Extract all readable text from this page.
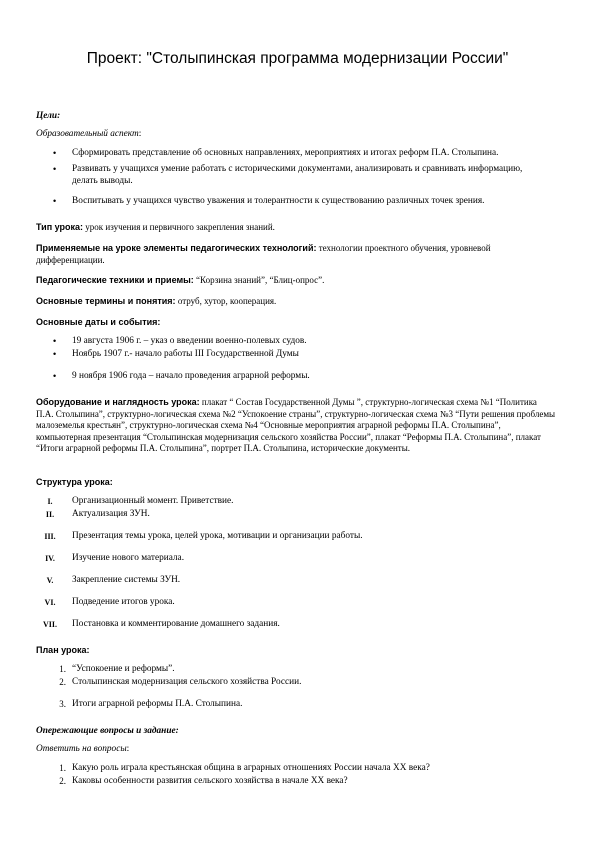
Проект: "Столыпинская программа модернизации России"
Цели:
Образовательный аспект:
• Сформировать представление об основных направлениях, мероприятиях и итогах реформ П.А. Столыпина.
• Развивать у учащихся умение работать с историческими документами, анализировать и сравнивать информацию, делать выводы.
• Воспитывать у учащихся чувство уважения и толерантности к существованию различных точек зрения.
Тип урока: урок изучения и первичного закрепления знаний.
Применяемые на уроке элементы педагогических технологий: технологии проектного обучения, уровневой дифференциации.
Педагогические техники и приемы: “Корзина знаний”, “Блиц-опрос”.
Основные термины и понятия: отруб, хутор, кооперация.
Основные даты и события:
• 19 августа 1906 г. – указ о введении военно-полевых судов.
• Ноябрь 1907 г.- начало работы III Государственной Думы
• 9 ноября 1906 года – начало проведения аграрной реформы.
Оборудование и наглядность урока: плакат “ Состав Государственной Думы ”, структурно-логическая схема №1 “Политика П.А. Столыпина”, структурно-логическая схема №2 “Успокоение страны”, структурно-логическая схема №3 “Пути решения проблемы малоземелья крестьян”, структурно-логическая схема №4 “Основные мероприятия аграрной реформы П.А. Столыпина”, компьютерная презентация “Столыпинская модернизация сельского хозяйства России”, плакат “Реформы П.А. Столыпина”, плакат “Итоги аграрной реформы П.А. Столыпина”, портрет П.А. Столыпина, исторические документы.
Структура урока:
I.	Организационный момент. Приветствие.
II.	Актуализация ЗУН.
III.	Презентация темы урока, целей урока, мотивации и организации работы.
IV.	Изучение нового материала.
V.	Закрепление системы ЗУН.
VI.	Подведение итогов урока.
VII.	Постановка и комментирование домашнего задания.
План урока:
1. “Успокоение и реформы”.
2. Столыпинская модернизация сельского хозяйства России.
3. Итоги аграрной реформы П.А. Столыпина.
Опережающие вопросы и задание:
Ответить на вопросы:
1. Какую роль играла крестьянская община в аграрных отношениях России начала ХХ века?
2. Каковы особенности развития сельского хозяйства в начале ХХ века?
